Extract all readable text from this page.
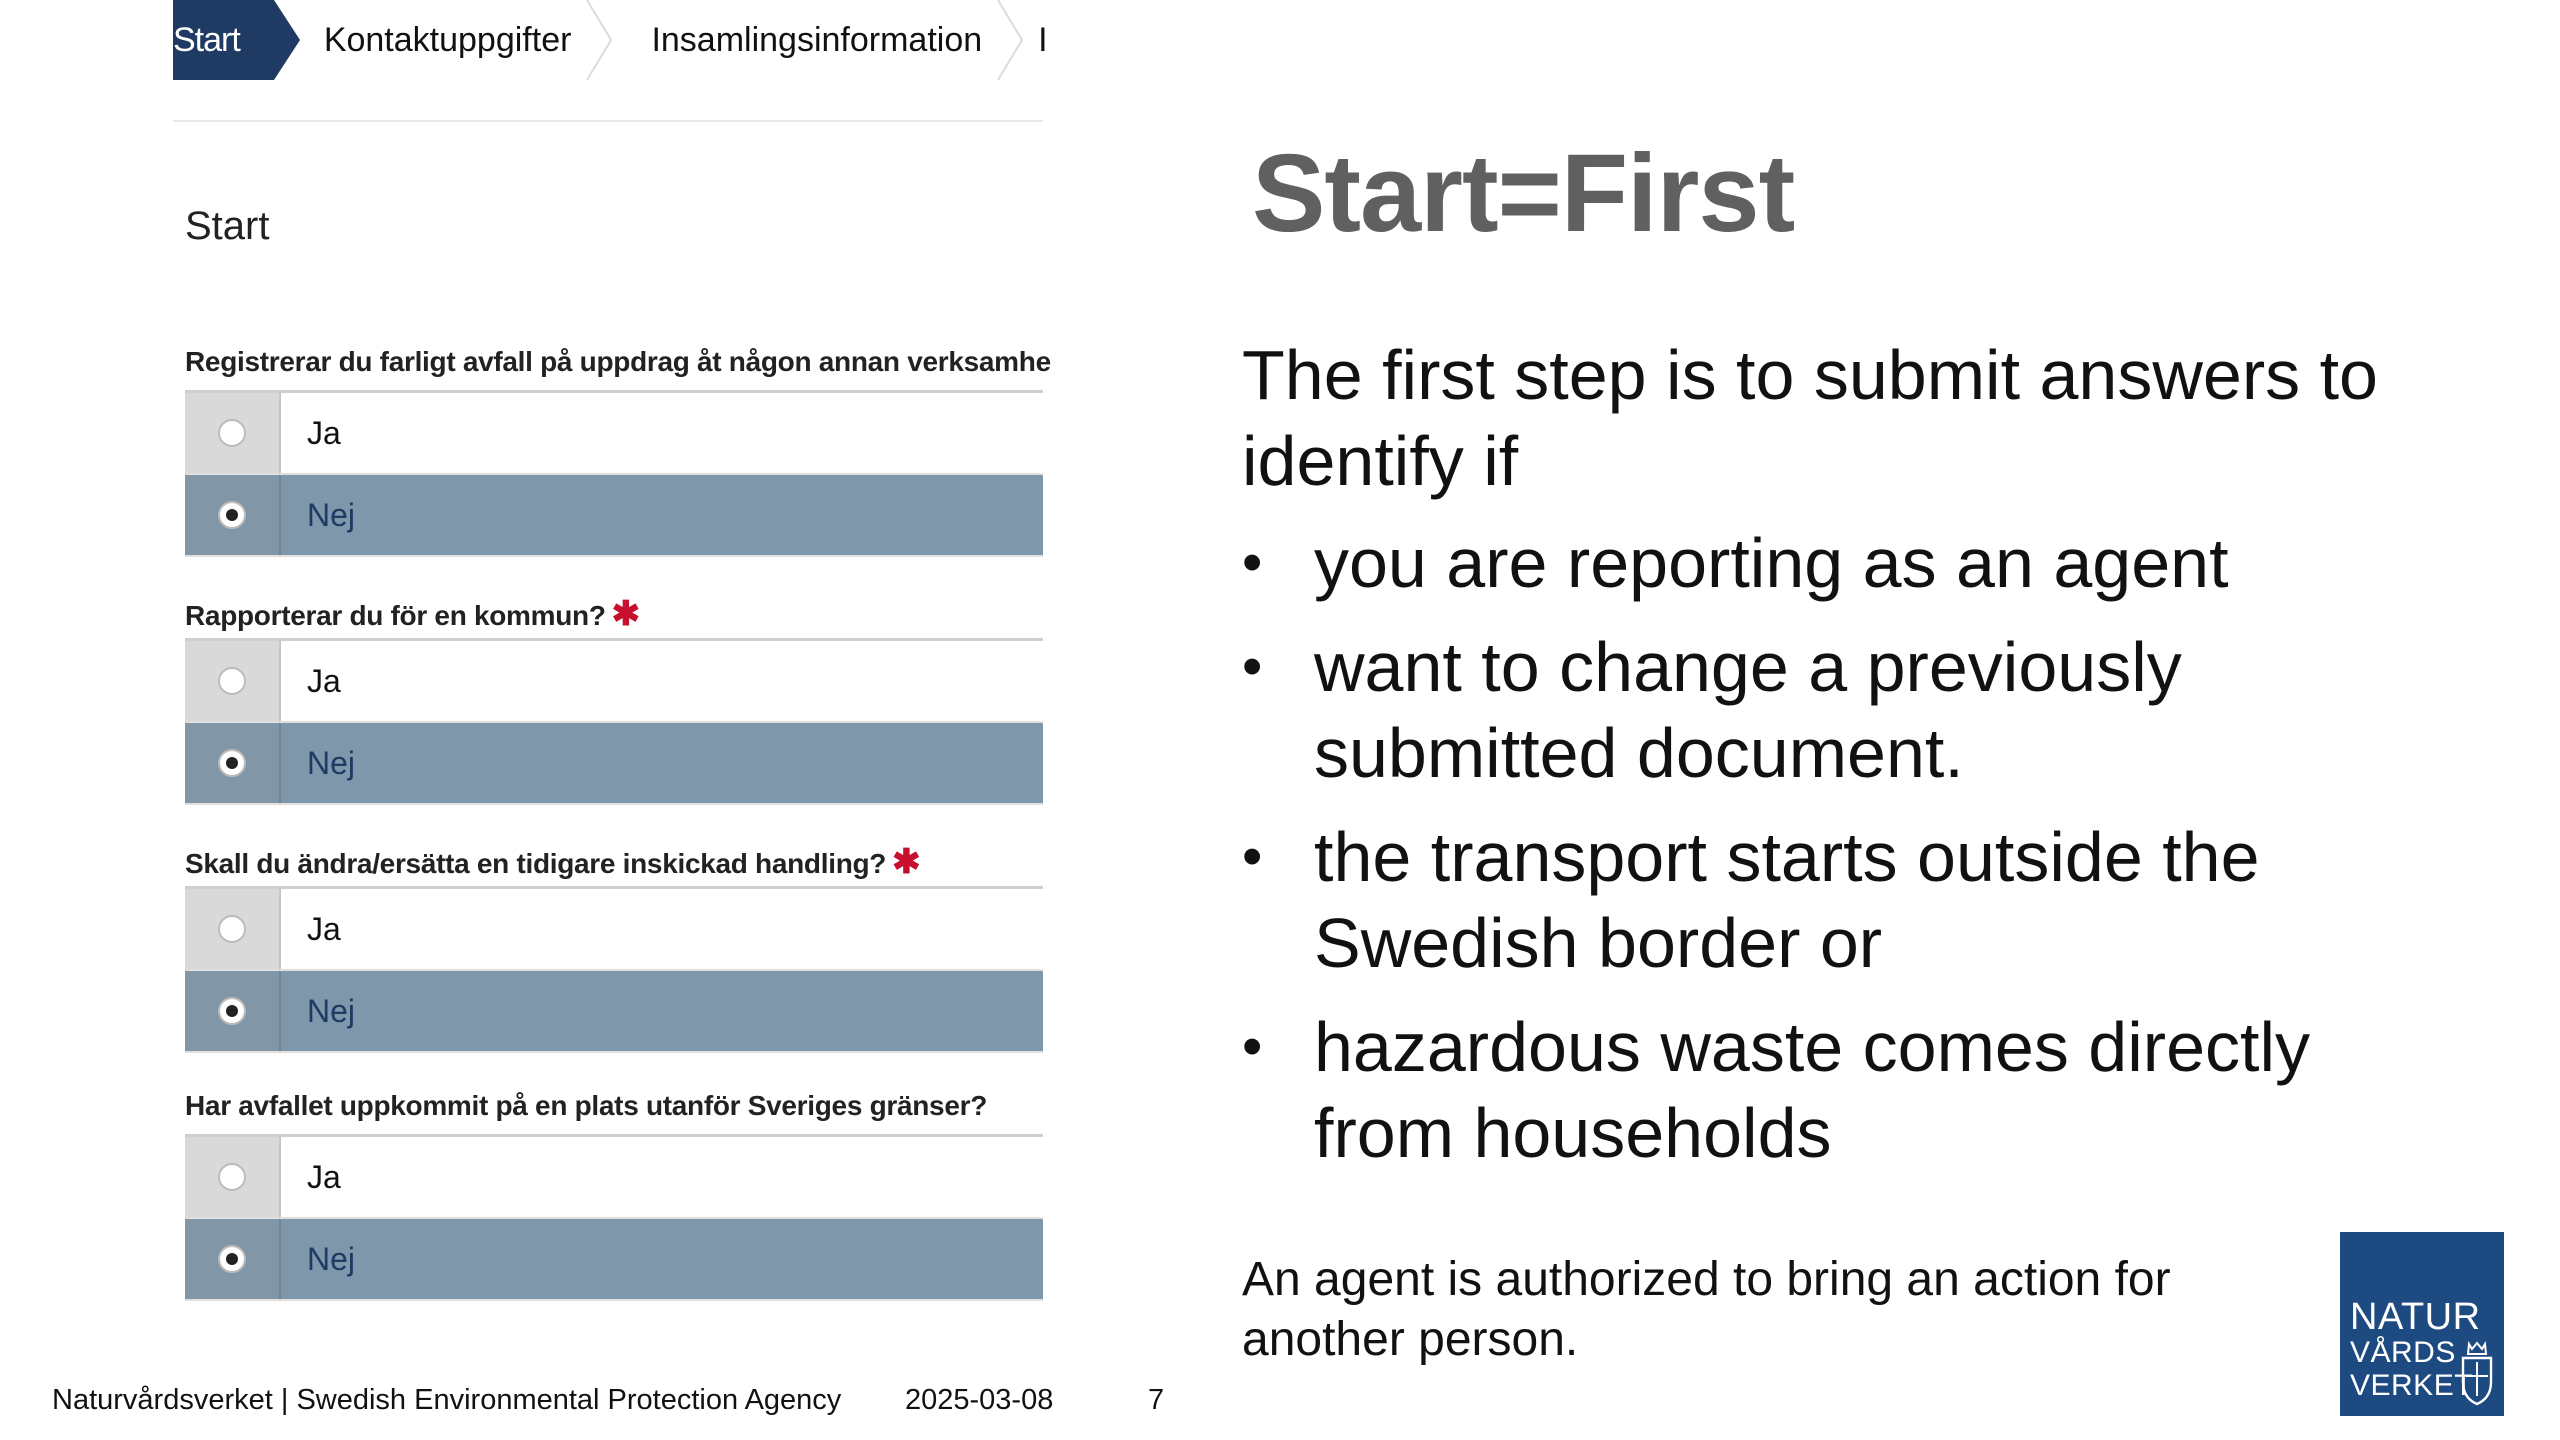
Start Kontaktuppgifter Insamlingsinformation I
Start
Registrerar du farligt avfall på uppdrag åt någon annan verksamhe
Ja
Nej
Rapporterar du för en kommun? ✱
Ja
Nej
Skall du ändra/ersätta en tidigare inskickad handling? ✱
Ja
Nej
Har avfallet uppkommit på en plats utanför Sveriges gränser?
Ja
Nej
Start=First
The first step is to submit answers to identify if
• you are reporting as an agent
• want to change a previously submitted document.
• the transport starts outside the Swedish border or
• hazardous waste comes directly from households
An agent is authorized to bring an action for another person.	NATUR
VÅRDS
VERKET
Naturvårdsverket | Swedish Environmental Protection Agency 2025-03-08	7
